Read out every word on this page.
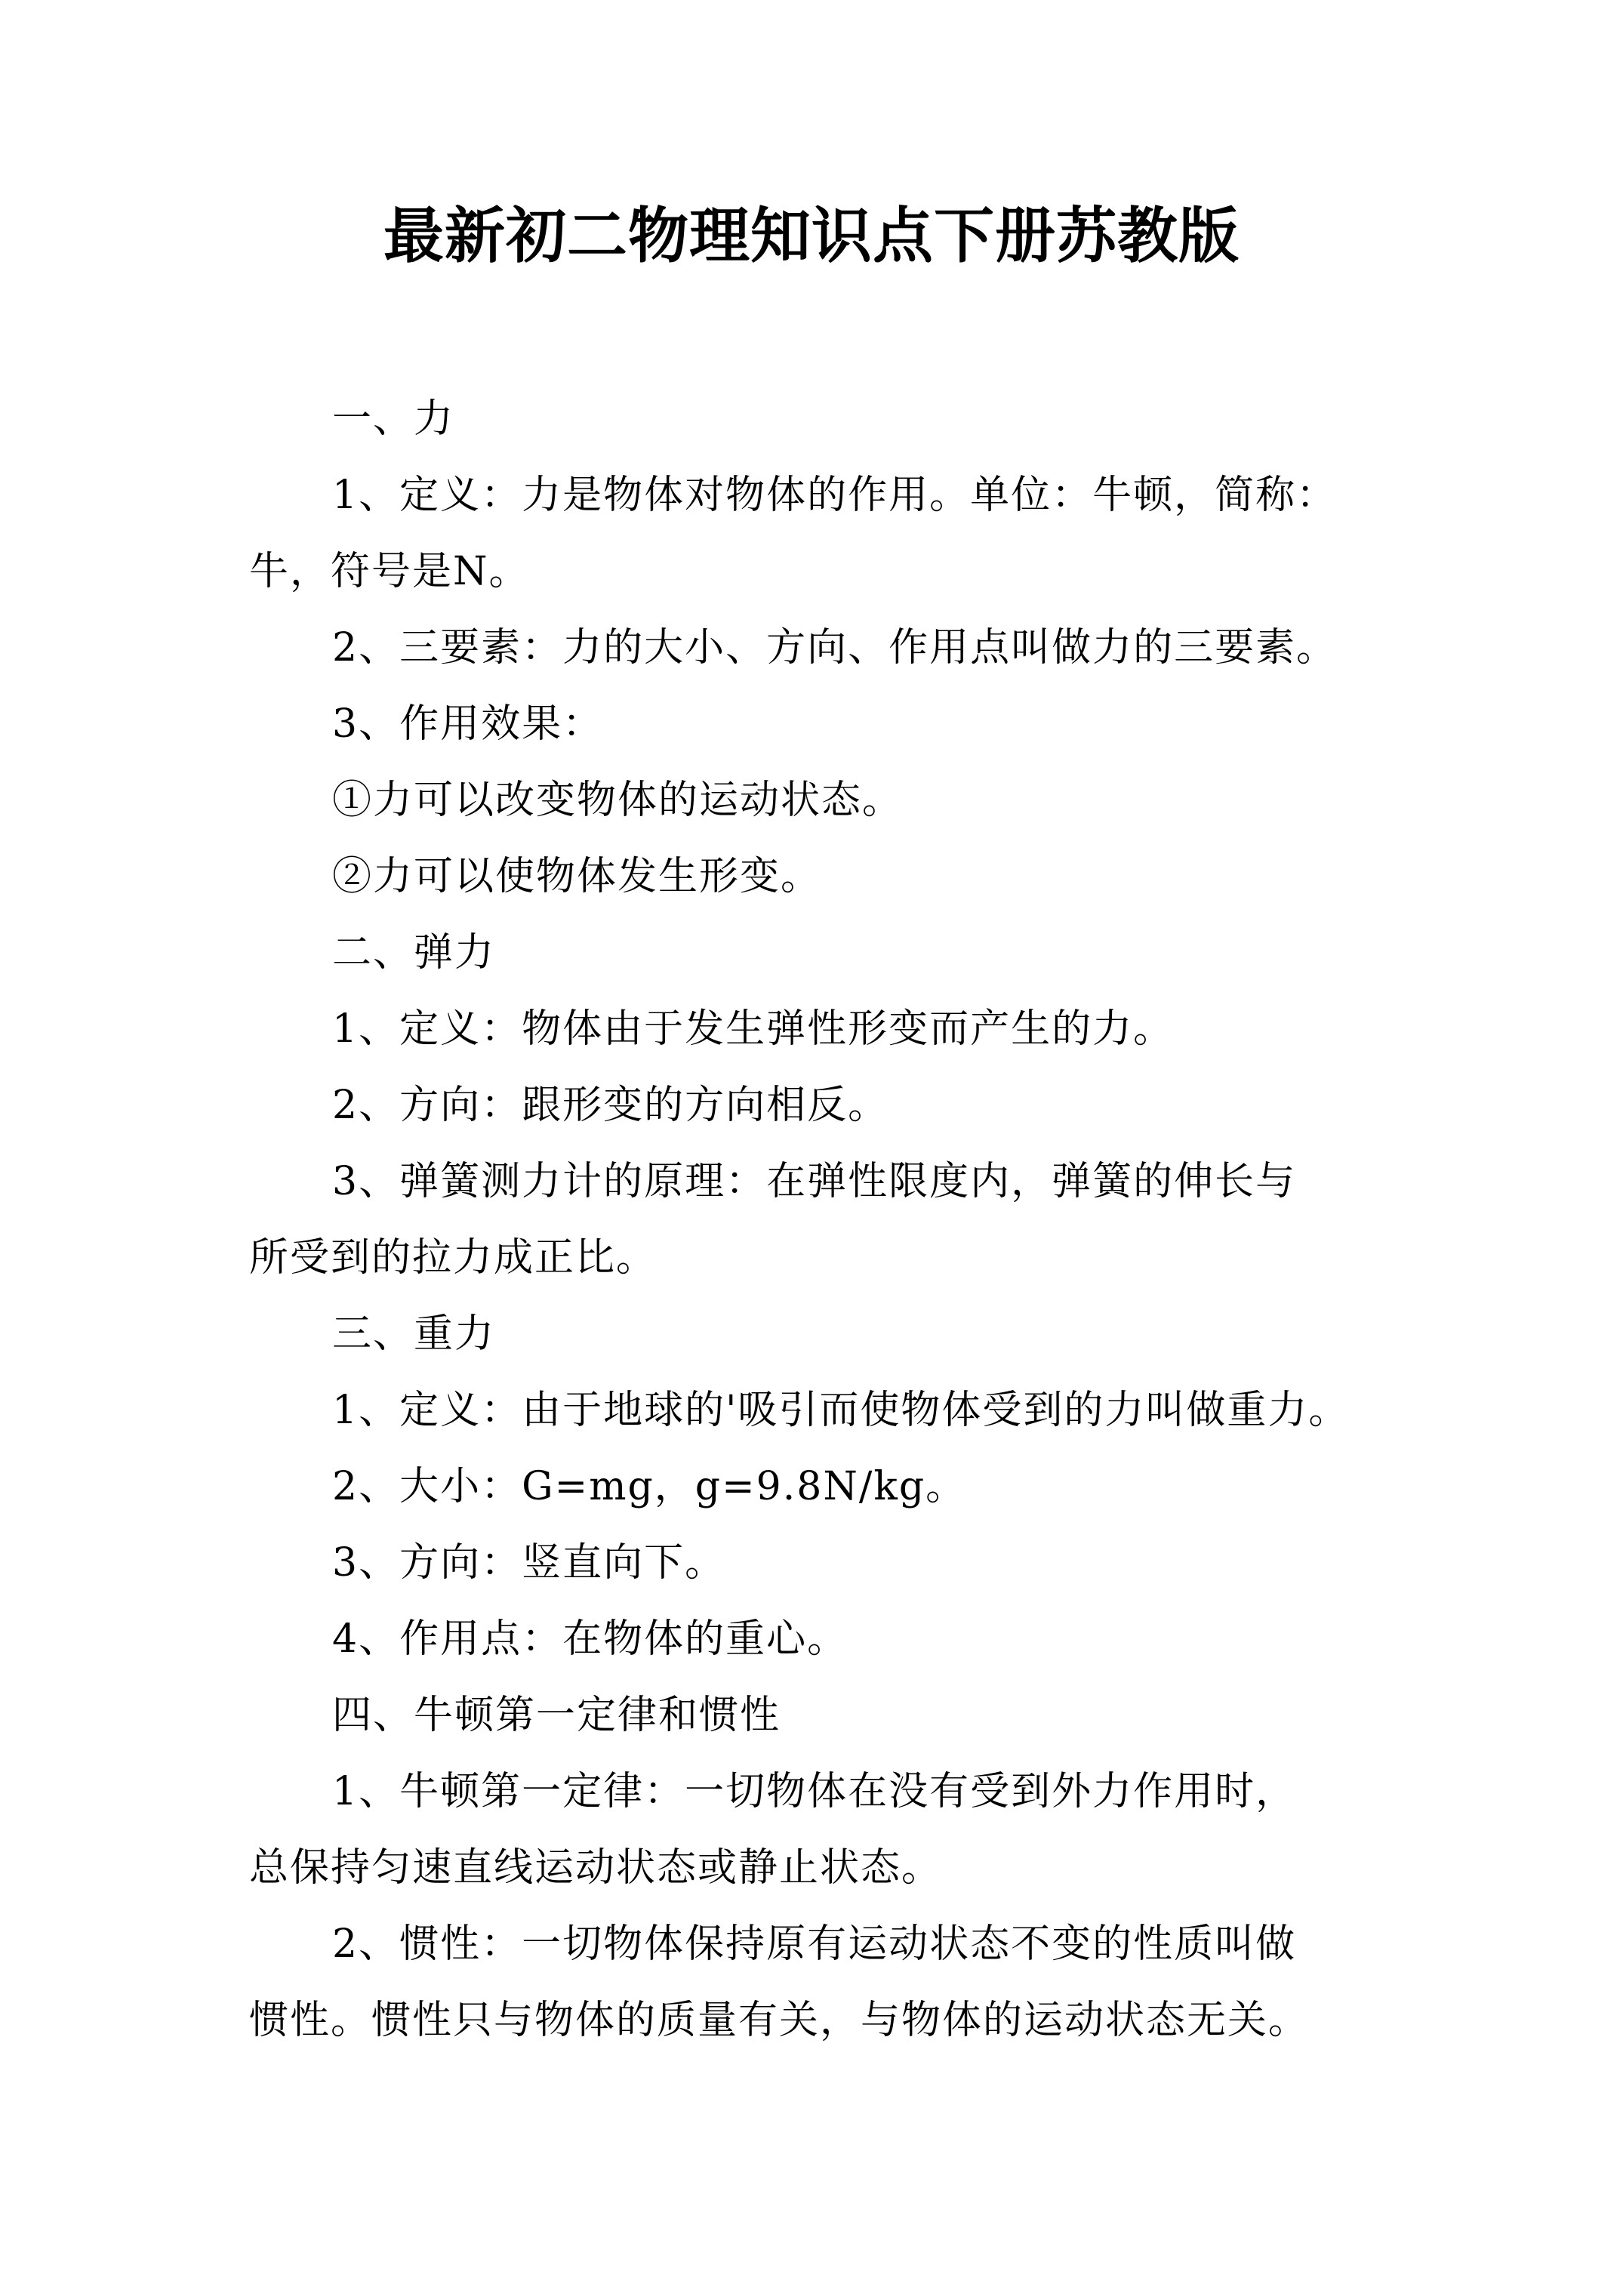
最新初二物理知识点下册苏教版

一、力

1、定义：力是物体对物体的作用。单位：牛顿，简称：

牛，符号是N。

2、三要素：力的大小、方向、作用点叫做力的三要素。

3、作用效果：

①力可以改变物体的运动状态。

②力可以使物体发生形变。

二、弹力

1、定义：物体由于发生弹性形变而产生的力。

2、方向：跟形变的方向相反。

3、弹簧测力计的原理：在弹性限度内，弹簧的伸长与

所受到的拉力成正比。

三、重力

1、定义：由于地球的'吸引而使物体受到的力叫做重力。

2、大小：G=mg，g=9.8N/kg。

3、方向：竖直向下。

4、作用点：在物体的重心。

四、牛顿第一定律和惯性

1、牛顿第一定律：一切物体在没有受到外力作用时，

总保持匀速直线运动状态或静止状态。

2、惯性：一切物体保持原有运动状态不变的性质叫做

惯性。惯性只与物体的质量有关，与物体的运动状态无关。
